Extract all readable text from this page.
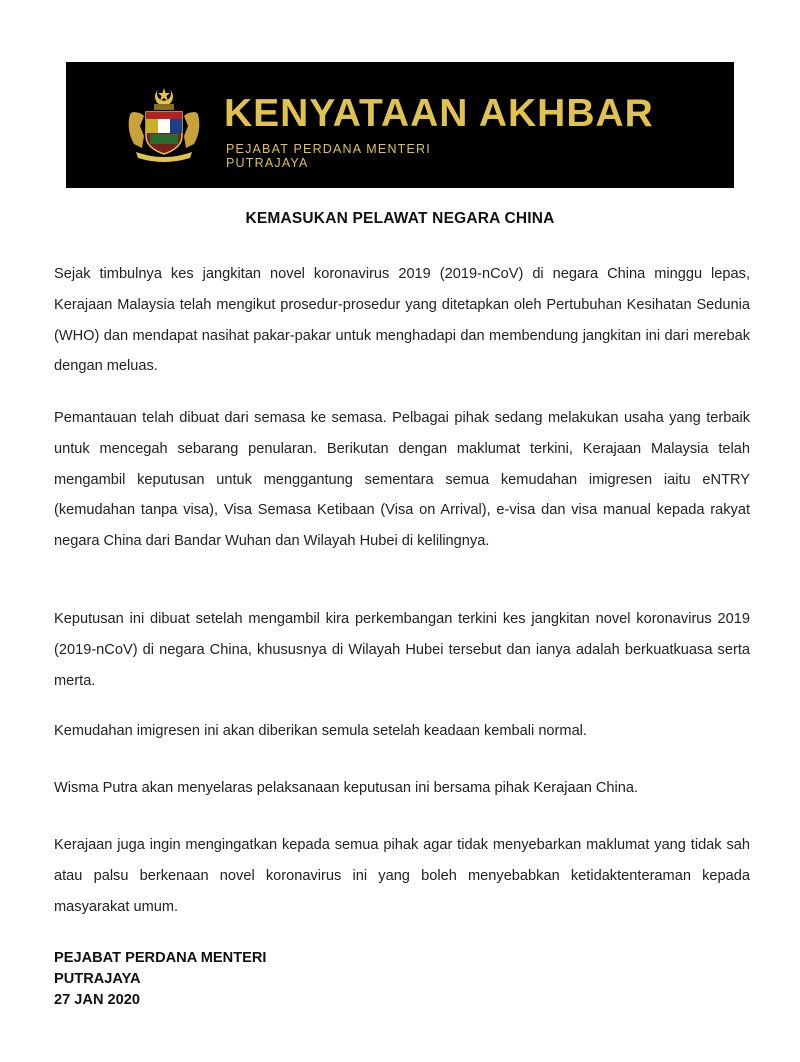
KENYATAAN AKHBAR
PEJABAT PERDANA MENTERI
PUTRAJAYA
KEMASUKAN PELAWAT NEGARA CHINA

Sejak timbulnya kes jangkitan novel koronavirus 2019 (2019-nCoV) di negara China minggu lepas, Kerajaan Malaysia telah mengikut prosedur-prosedur yang ditetapkan oleh Pertubuhan Kesihatan Sedunia (WHO) dan mendapat nasihat pakar-pakar untuk menghadapi dan membendung jangkitan ini dari merebak dengan meluas.

Pemantauan telah dibuat dari semasa ke semasa. Pelbagai pihak sedang melakukan usaha yang terbaik untuk mencegah sebarang penularan. Berikutan dengan maklumat terkini, Kerajaan Malaysia telah mengambil keputusan untuk menggantung sementara semua kemudahan imigresen iaitu eNTRY (kemudahan tanpa visa), Visa Semasa Ketibaan (Visa on Arrival), e-visa dan visa manual kepada rakyat negara China dari Bandar Wuhan dan Wilayah Hubei di kelilingnya.

Keputusan ini dibuat setelah mengambil kira perkembangan terkini kes jangkitan novel koronavirus 2019 (2019-nCoV) di negara China, khususnya di Wilayah Hubei tersebut dan ianya adalah berkuatkuasa serta merta.

Kemudahan imigresen ini akan diberikan semula setelah keadaan kembali normal.

Wisma Putra akan menyelaras pelaksanaan keputusan ini bersama pihak Kerajaan China.

Kerajaan juga ingin mengingatkan kepada semua pihak agar tidak menyebarkan maklumat yang tidak sah atau palsu berkenaan novel koronavirus ini yang boleh menyebabkan ketidaktenteraman kepada masyarakat umum.

PEJABAT PERDANA MENTERI
PUTRAJAYA
27 JAN 2020
